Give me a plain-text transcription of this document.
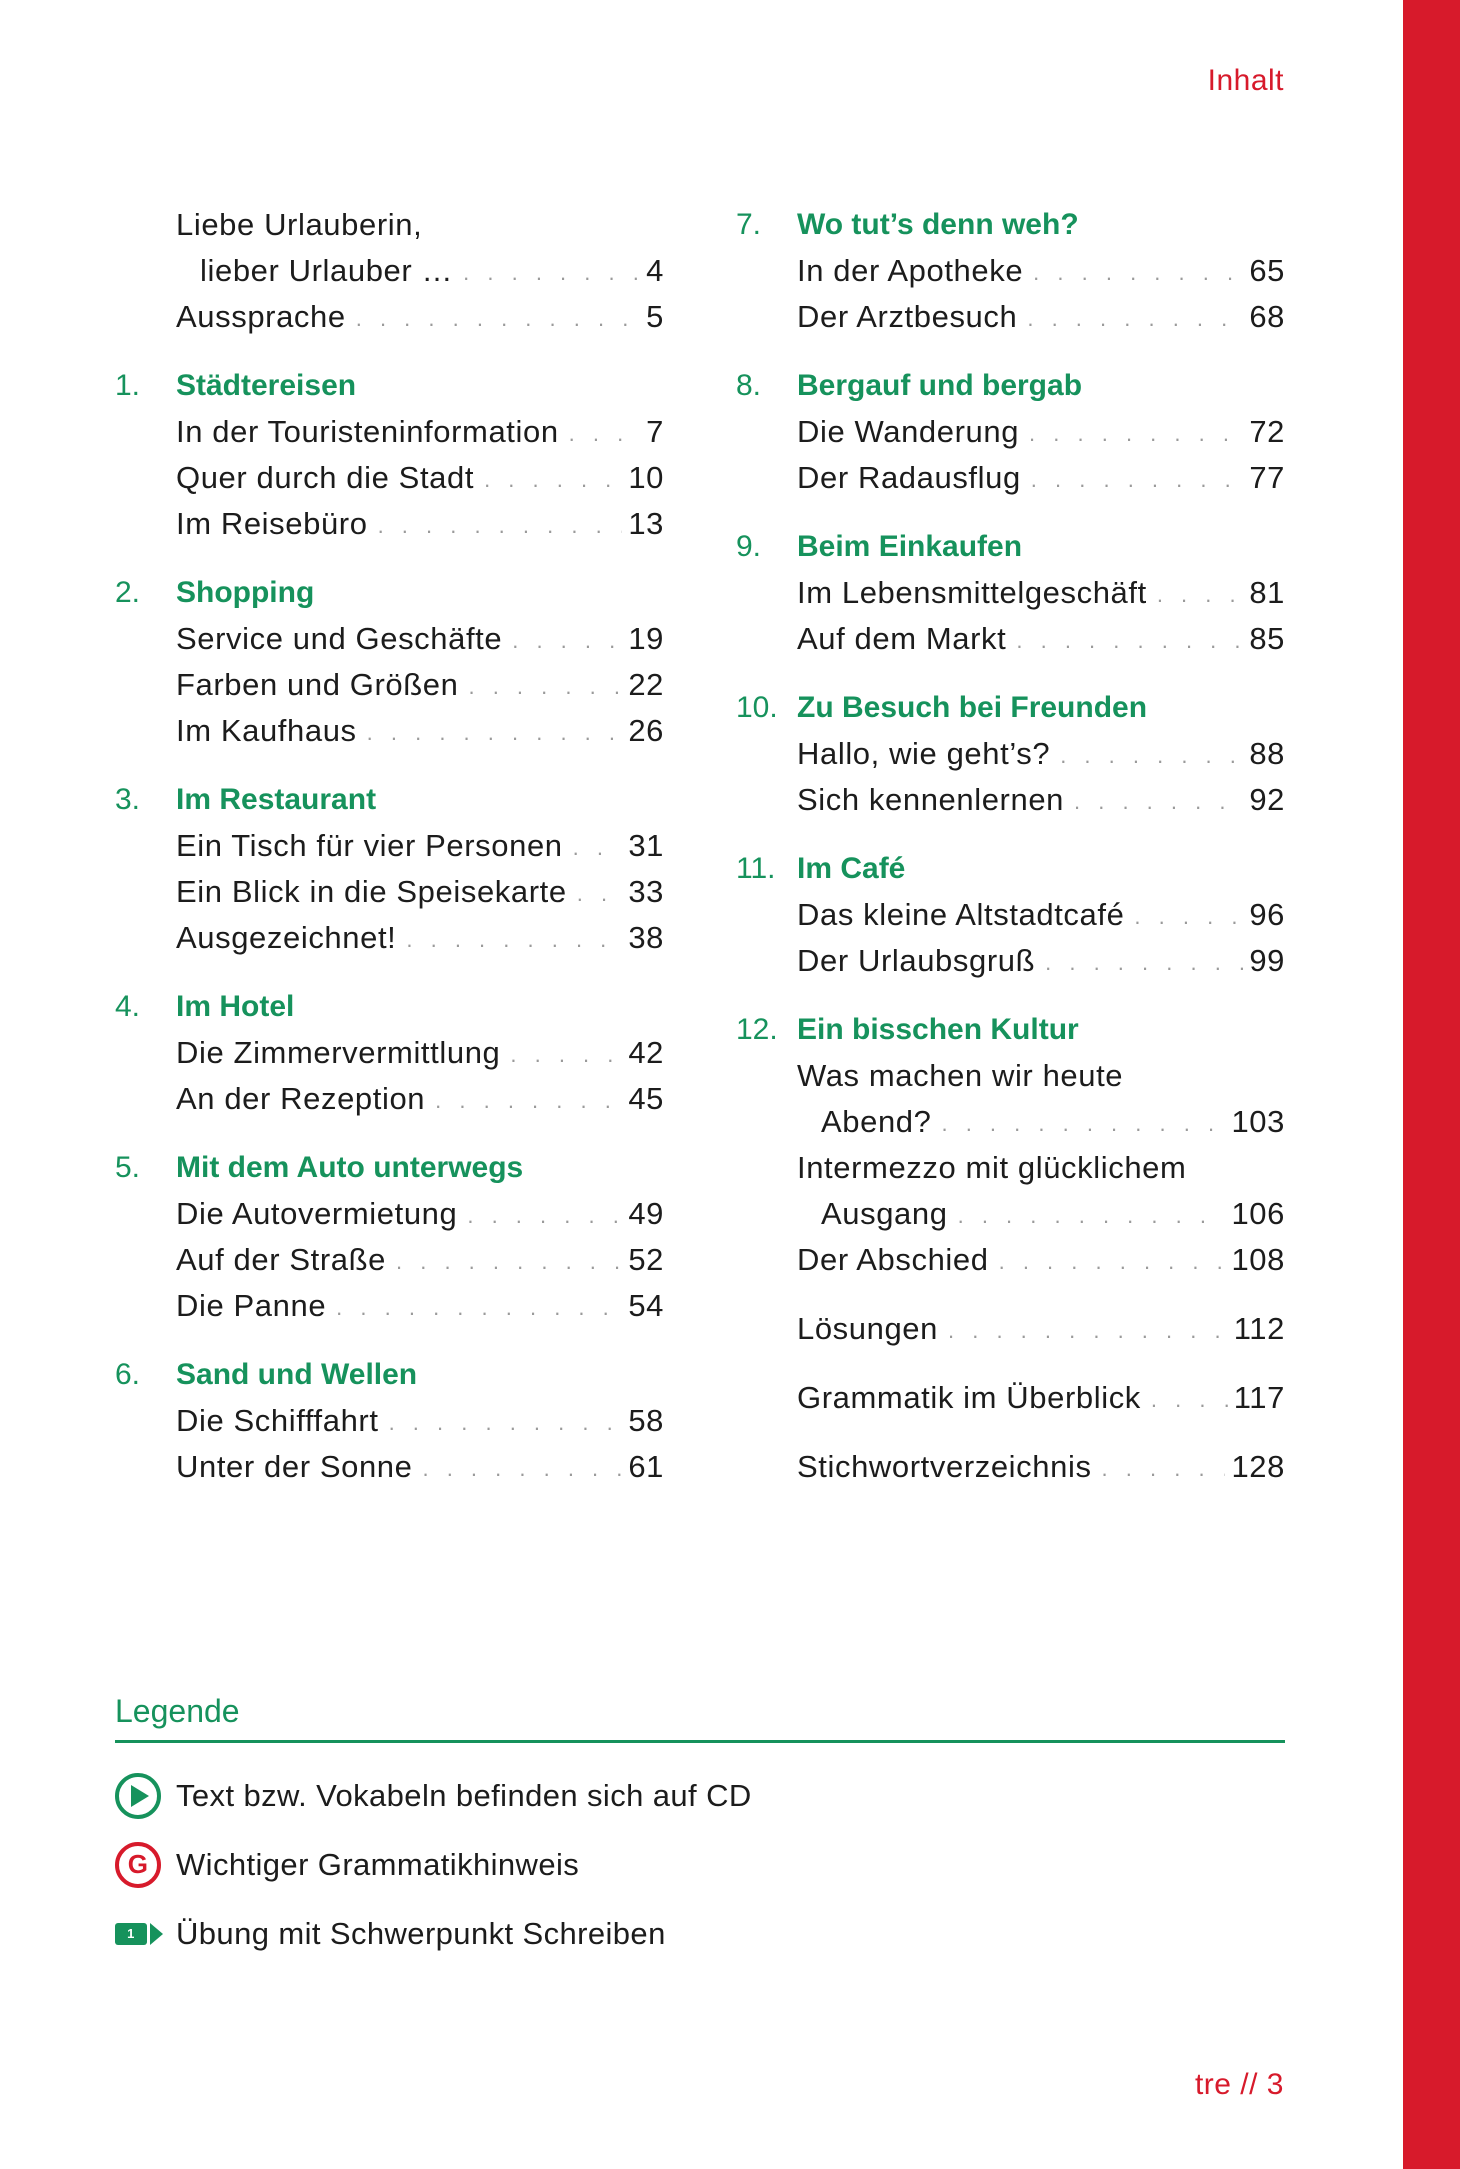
Inhalt
Liebe Urlauberin,
lieber Urlauber … . . .	4
Aussprache . . .	5
1.	Städtereisen
In der Touristeninformation . . .	7
Quer durch die Stadt . . .	10
Im Reisebüro . . .	13
2.	Shopping
Service und Geschäfte . . .	19
Farben und Größen . . .	22
Im Kaufhaus . . .	26
3.	Im Restaurant
Ein Tisch für vier Personen . . . 31
Ein Blick in die Speisekarte . . . 33
Ausgezeichnet! . . .	38
4.	Im Hotel
Die Zimmervermittlung . . .	42
An der Rezeption . . .	45
5.	Mit dem Auto unterwegs
Die Autovermietung . . .	49
Auf der Straße . . .	52
Die Panne . . .	54
6.	Sand und Wellen
Die Schifffahrt . . .	58
Unter der Sonne . . .	61
7.	Wo tut’s denn weh?
In der Apotheke . . .	65
Der Arztbesuch . . .	68
8.	Bergauf und bergab
Die Wanderung . . .	72
Der Radausflug . . .	77
9.	Beim Einkaufen
Im Lebensmittelgeschäft . . .	81
Auf dem Markt . . .	85
10. Zu Besuch bei Freunden
Hallo, wie geht’s? . . .	88
Sich kennenlernen . . .	92
11. Im Café
Das kleine Altstadtcafé . . .	96
Der Urlaubsgruß . . .	99
12. Ein bisschen Kultur
Was machen wir heute
Abend? . . .	103
Intermezzo mit glücklichem
Ausgang . . .	106
Der Abschied . . .	108
Lösungen . . .	112
Grammatik im Überblick . . .	117
Stichwortverzeichnis . . .	128
Legende
Text bzw. Vokabeln befinden sich auf CD
G Wichtiger Grammatikhinweis
1	Übung mit Schwerpunkt Schreiben
tre // 3
